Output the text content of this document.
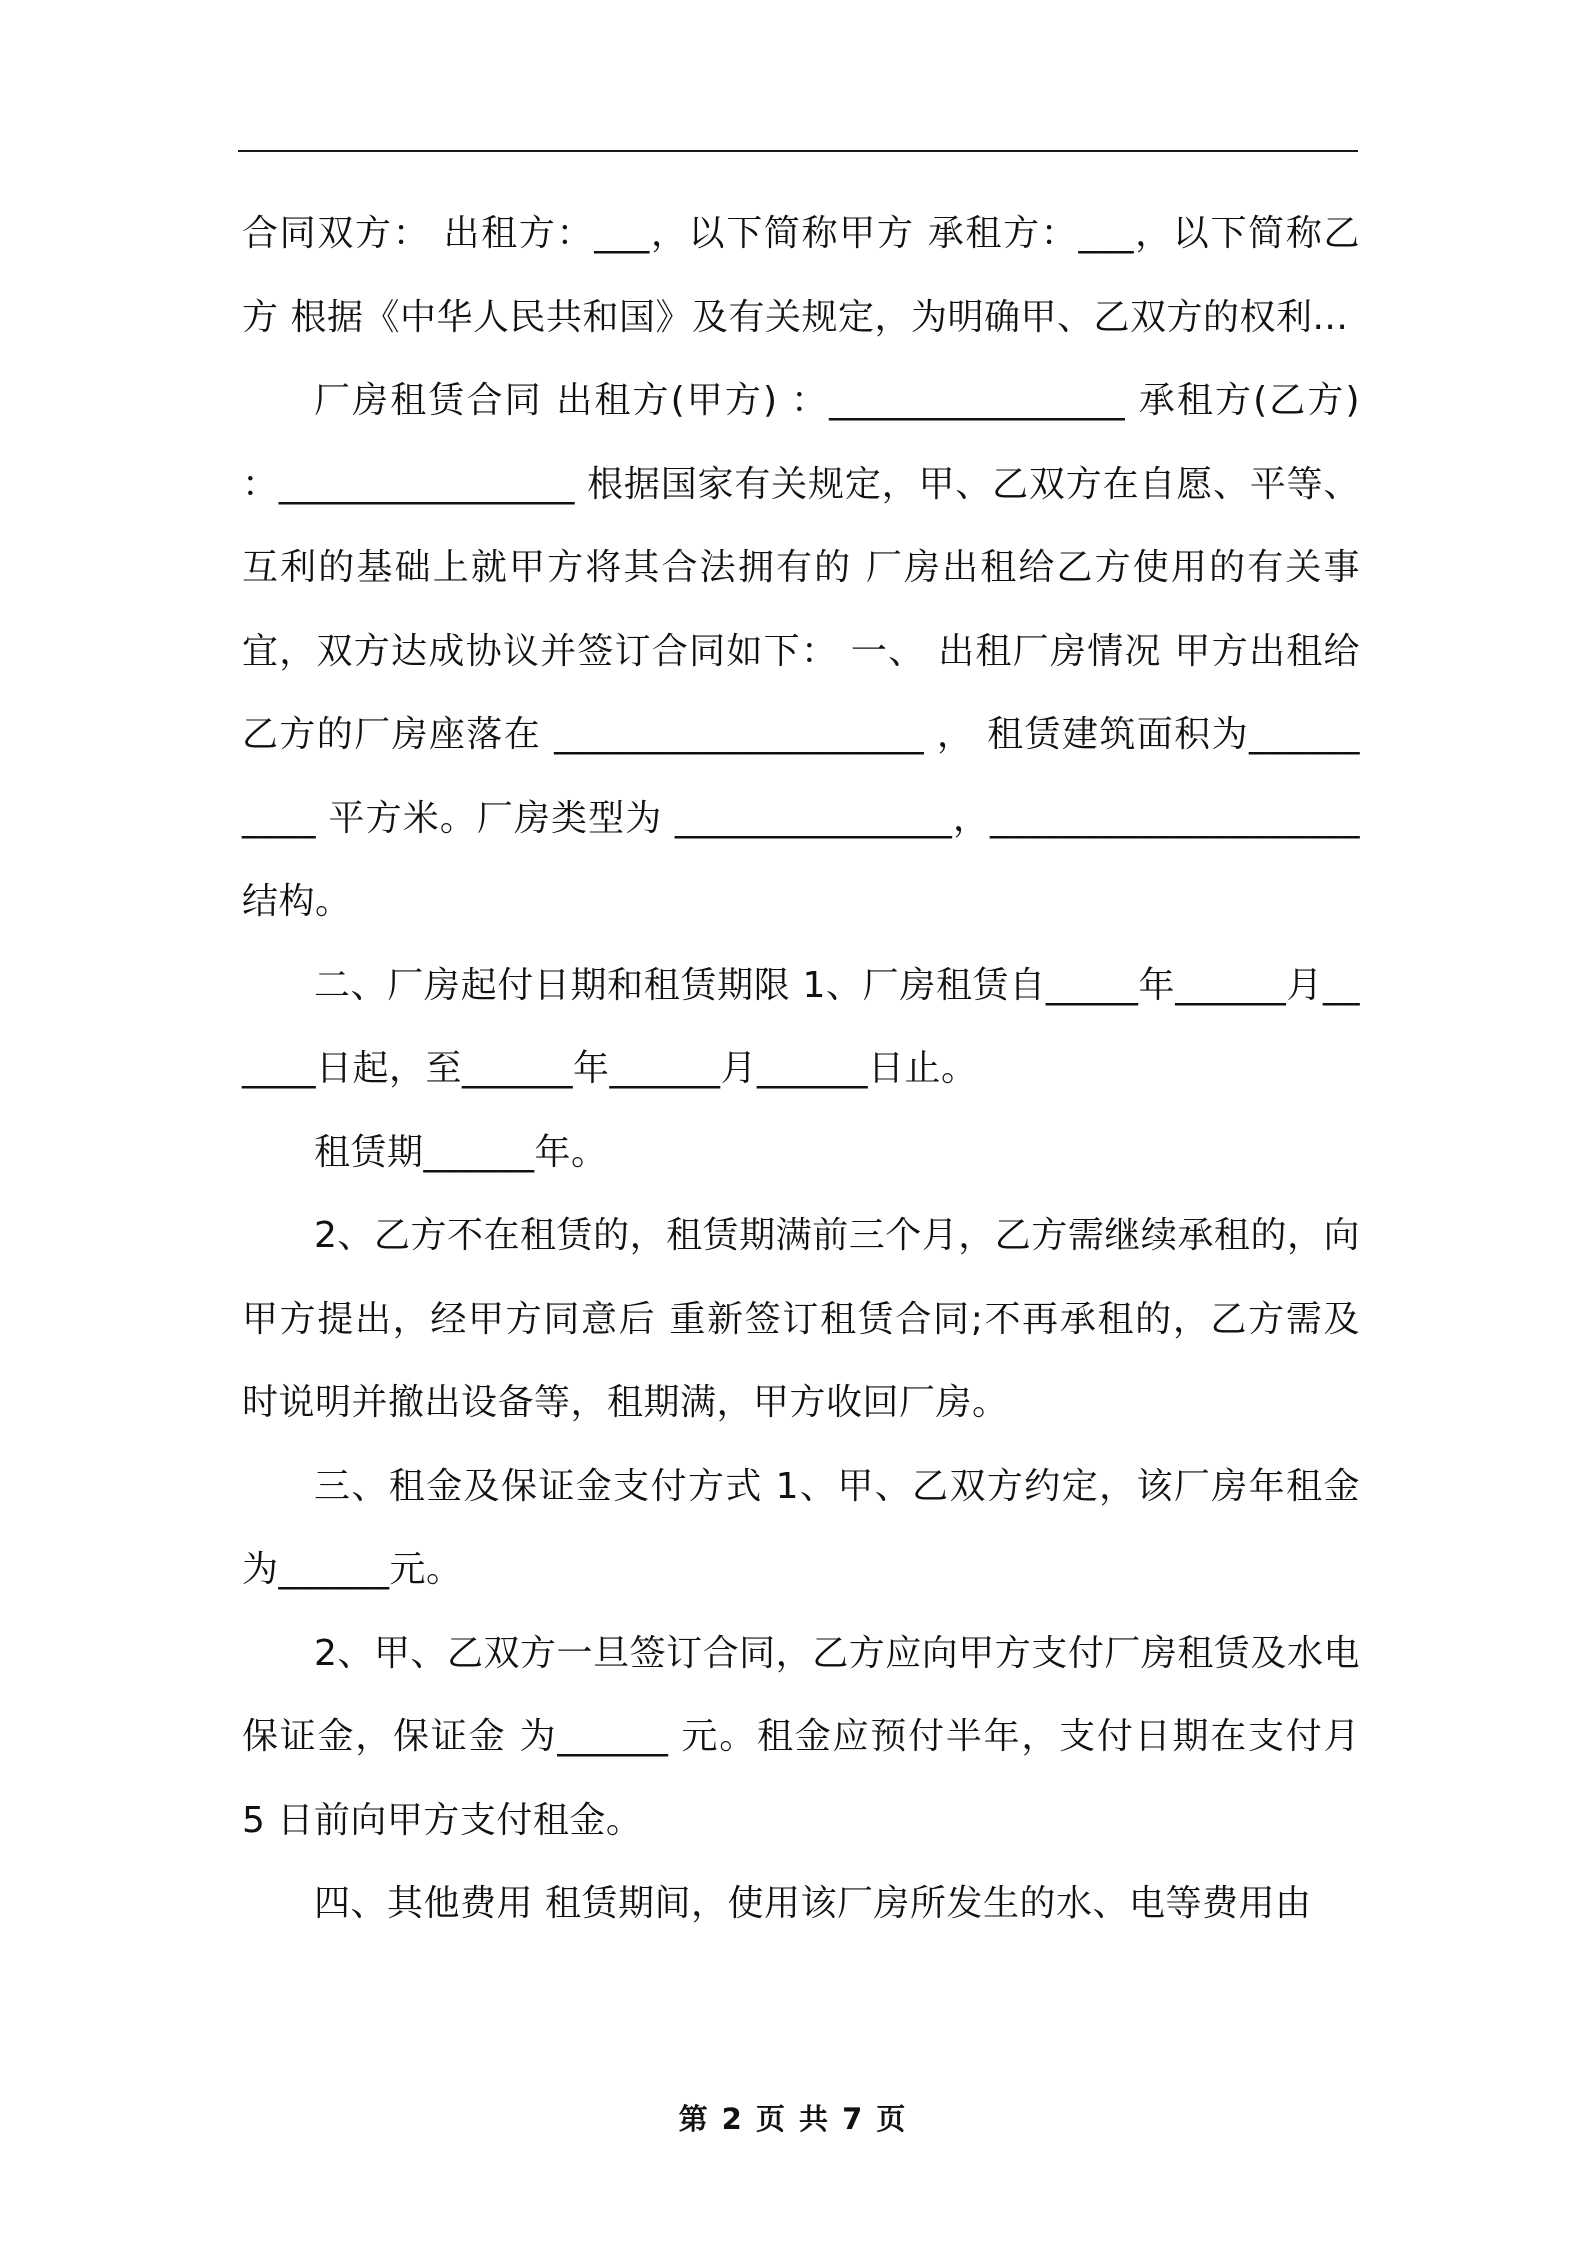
合同双方： 出租方：___，以下简称甲方 承租方：___，以下简称乙方 根据《中华人民共和国》及有关规定，为明确甲、乙双方的权利...

厂房租赁合同 出租方(甲方) ：________________ 承租方(乙方) ：________________ 根据国家有关规定，甲、乙双方在自愿、平等、互利的基础上就甲方将其合法拥有的 厂房出租给乙方使用的有关事宜，双方达成协议并签订合同如下： 一、 出租厂房情况 甲方出租给乙方的厂房座落在 ____________________ ， 租赁建筑面积为__________ 平方米。厂房类型为 _______________，____________________结构。

二、厂房起付日期和租赁期限 1、厂房租赁自_____年______月______日起，至______年______月______日止。

租赁期______年。

2、乙方不在租赁的，租赁期满前三个月，乙方需继续承租的，向甲方提出，经甲方同意后 重新签订租赁合同;不再承租的，乙方需及时说明并撤出设备等，租期满，甲方收回厂房。

三、租金及保证金支付方式 1、甲、乙双方约定，该厂房年租金为______元。

2、甲、乙双方一旦签订合同，乙方应向甲方支付厂房租赁及水电保证金，保证金 为______ 元。租金应预付半年，支付日期在支付月 5 日前向甲方支付租金。

四、其他费用 租赁期间，使用该厂房所发生的水、电等费用由

第 2 页 共 7 页
